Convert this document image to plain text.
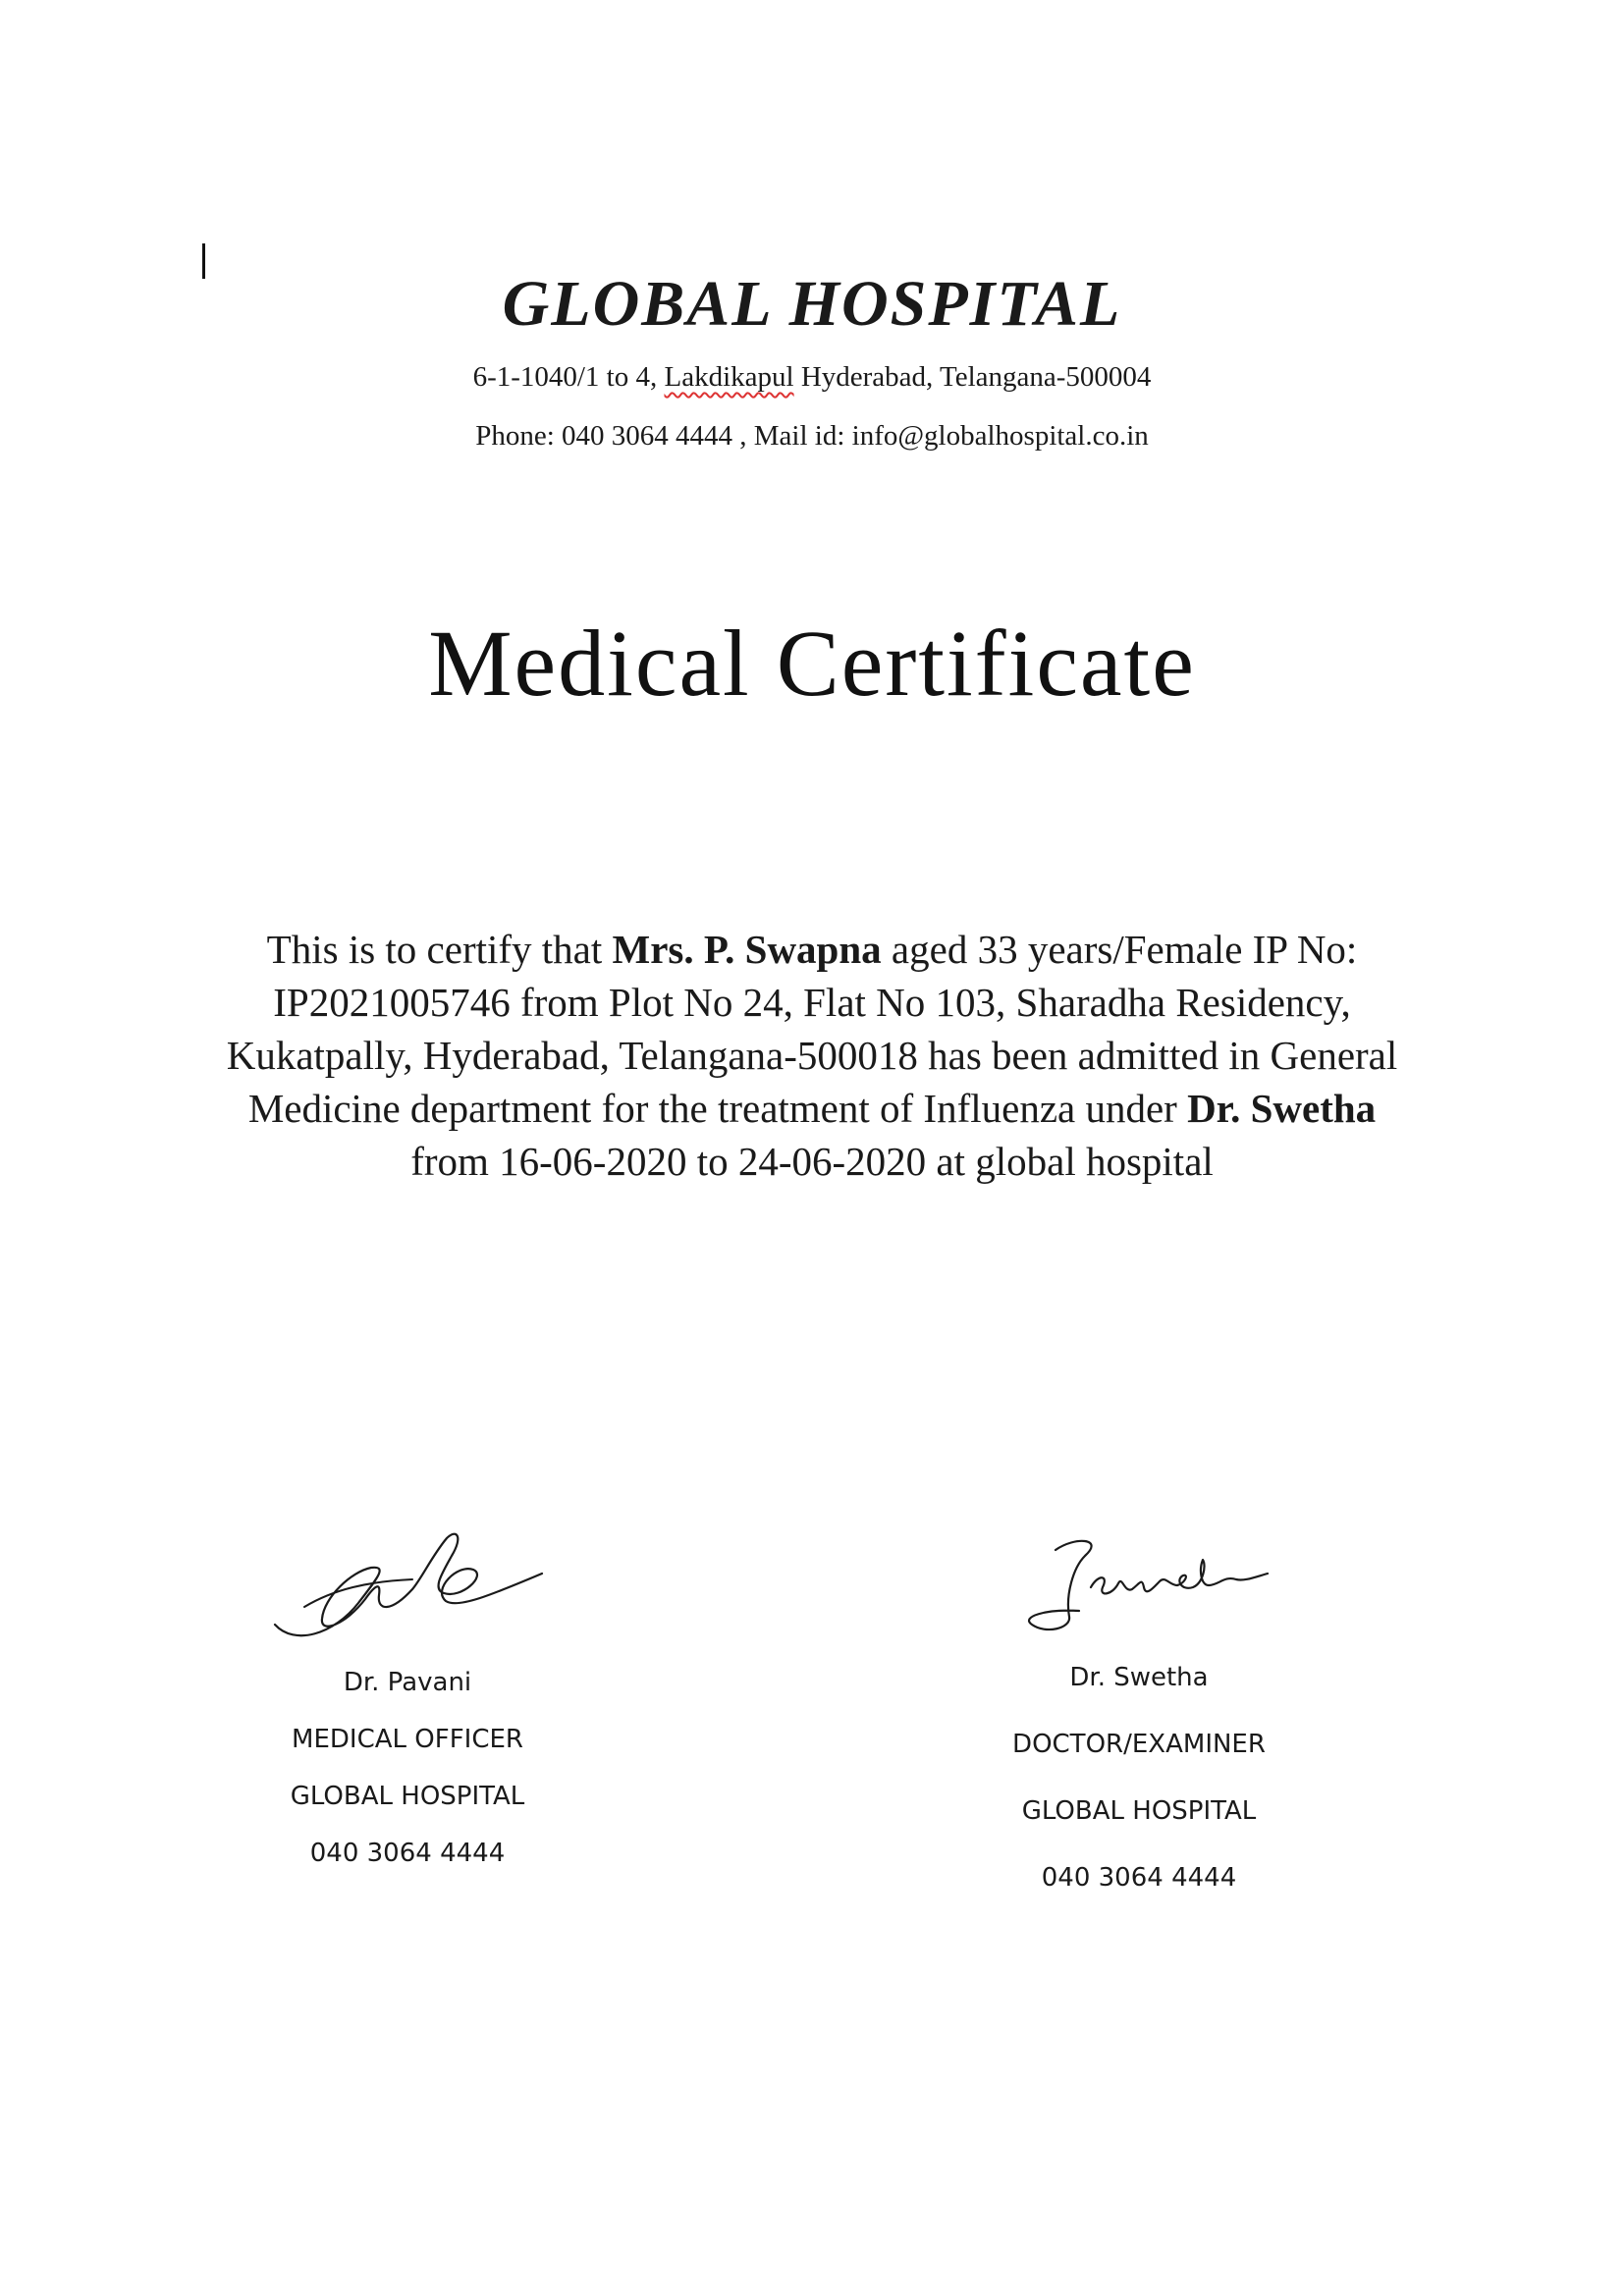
GLOBAL HOSPITAL

6-1-1040/1 to 4, Lakdikapul Hyderabad, Telangana-500004

Phone: 040 3064 4444 , Mail id: info@globalhospital.co.in

Medical Certificate

This is to certify that Mrs. P. Swapna aged 33 years/Female IP No: IP2021005746 from Plot No 24, Flat No 103, Sharadha Residency, Kukatpally, Hyderabad, Telangana-500018 has been admitted in General Medicine department for the treatment of Influenza under Dr. Swetha from 16-06-2020 to 24-06-2020 at global hospital

Dr. Pavani

MEDICAL OFFICER

GLOBAL HOSPITAL

040 3064 4444

Dr. Swetha

DOCTOR/EXAMINER

GLOBAL HOSPITAL

040 3064 4444
